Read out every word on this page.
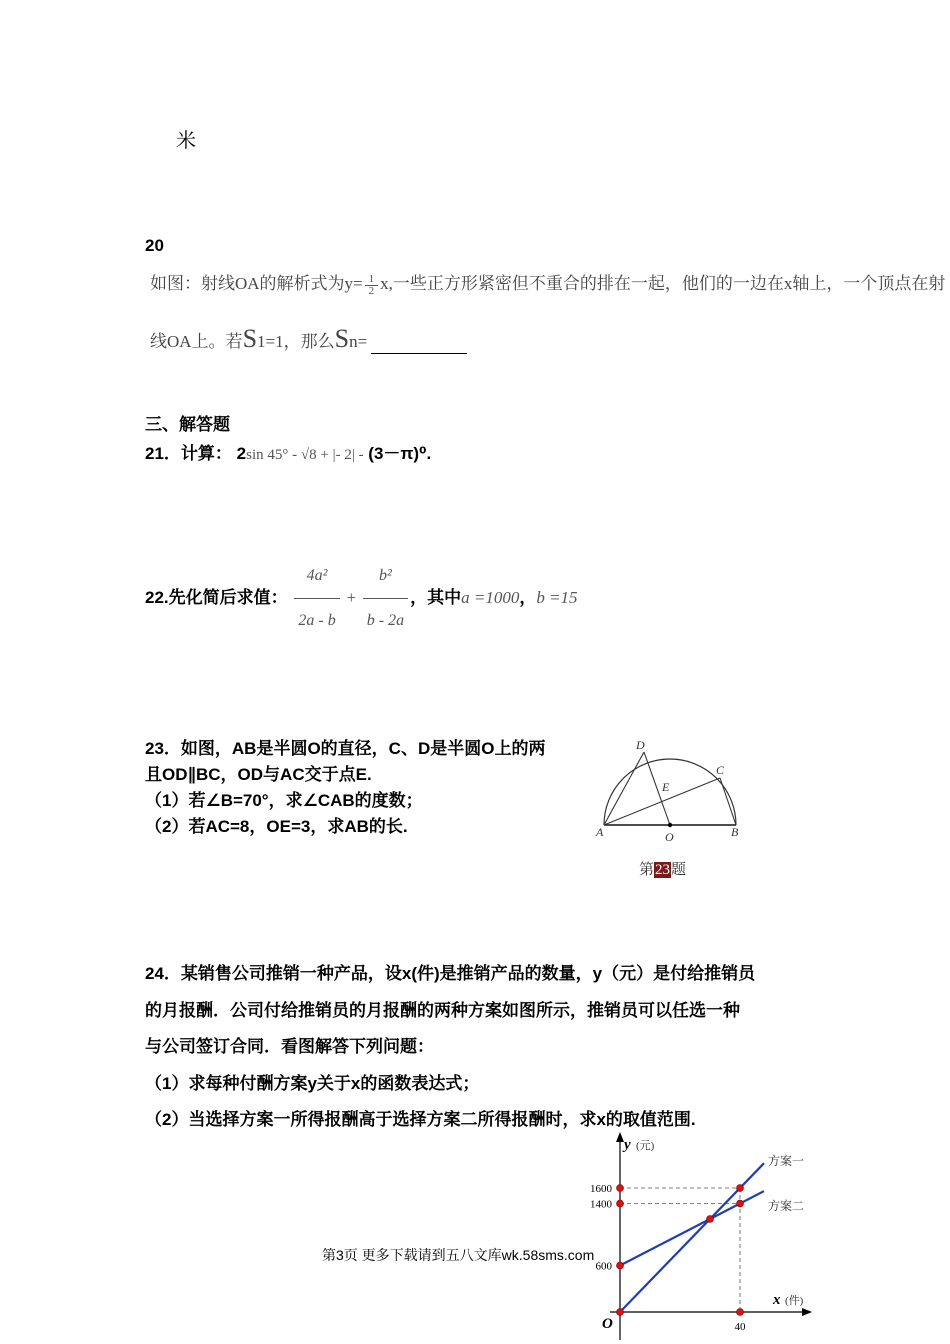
米
20
如图：射线OA的解析式为$y= \frac{1}{2} x$,一些正方形紧密但不重合的排在一起，他们的一边在x轴上，一个顶点在射
线OA上。若S1=1，那么Sn=
三、解答题
21．计算： 2sin 45° - √8 + |- 2| - (3－π)⁰.
22.先化简后求值： $\frac{\text{4a²}}{2a - b} + \frac{\text{b²}}{b - 2a}$ ，其中a =1000，b =15
23．如图，AB是半圆O的直径，C、D是半圆O上的两
且OD∥BC，OD与AC交于点E.
（1）若∠B=70°，求∠CAB的度数；
（2）若AC=8，OE=3，求AB的长.	A	B
C
D
E
O
第23题
24．某销售公司推销一种产品，设x(件)是推销产品的数量，y（元）是付给推销员
的月报酬．公司付给推销员的月报酬的两种方案如图所示，推销员可以任选一种
与公司签订合同．看图解答下列问题：
（1）求每种付酬方案y关于x的函数表达式；
（2）当选择方案一所得报酬高于选择方案二所得报酬时，求x的取值范围.
y (元)
x (件)
O
方案一
方案二
1600
1400
600
40
第3页 更多下载请到五八文库wk.58sms.com
